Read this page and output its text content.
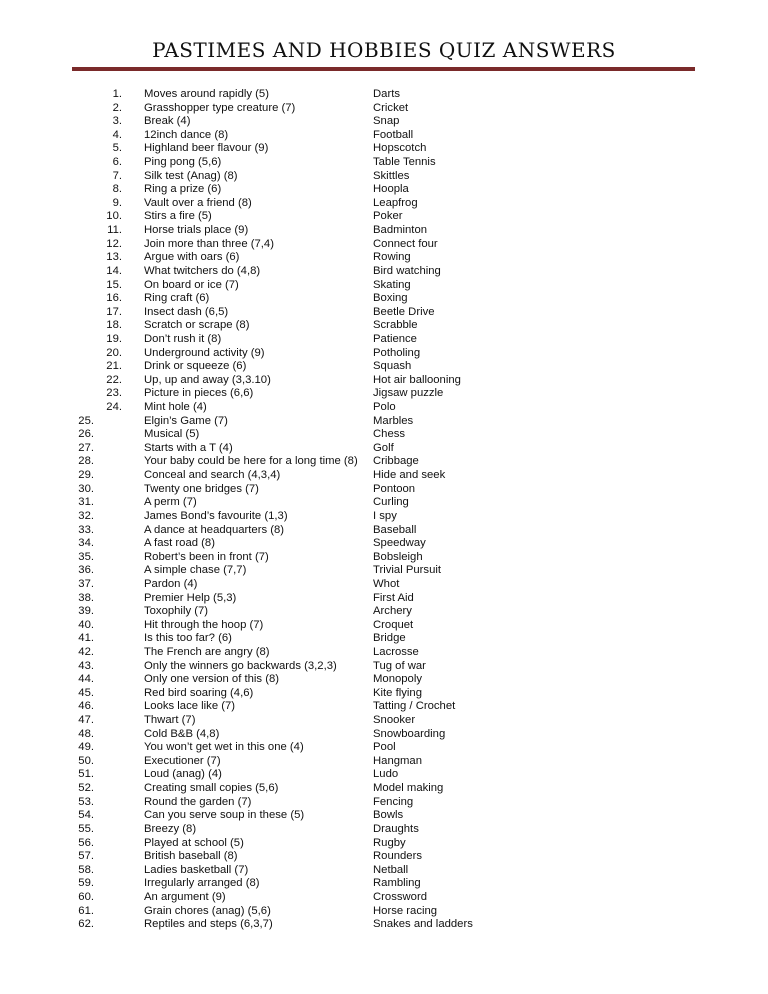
PASTIMES AND HOBBIES QUIZ ANSWERS
1. Moves around rapidly (5)	Darts
2. Grasshopper type creature (7)	Cricket
3. Break (4)	Snap
4. 12inch dance (8)	Football
5. Highland beer flavour (9)	Hopscotch
6. Ping pong (5,6)	Table Tennis
7. Silk test (Anag) (8)	Skittles
8. Ring a prize (6)	Hoopla
9. Vault over a friend (8)	Leapfrog
10. Stirs a fire (5)	Poker
11. Horse trials place (9)	Badminton
12. Join more than three (7,4)	Connect four
13. Argue with oars (6)	Rowing
14. What twitchers do (4,8)	Bird watching
15. On board or ice (7)	Skating
16. Ring craft (6)	Boxing
17. Insect dash (6,5)	Beetle Drive
18. Scratch or scrape (8)	Scrabble
19. Don’t rush it (8)	Patience
20. Underground activity (9)	Potholing
21. Drink or squeeze (6)	Squash
22. Up, up and away (3,3.10)	Hot air ballooning
23. Picture in pieces (6,6)	Jigsaw puzzle
24. Mint hole (4)	Polo
25.	Elgin’s Game (7)	Marbles
26.	Musical (5)	Chess
27.	Starts with a T (4)	Golf
28.	Your baby could be here for a long time (8) Cribbage
29.	Conceal and search (4,3,4)	Hide and seek
30.	Twenty one bridges (7)	Pontoon
31.	A perm (7)	Curling
32.	James Bond’s favourite (1,3)	I spy
33.	A dance at headquarters (8)	Baseball
34.	A fast road (8)	Speedway
35.	Robert’s been in front (7)	Bobsleigh
36.	A simple chase (7,7)	Trivial Pursuit
37.	Pardon (4)	Whot
38.	Premier Help (5,3)	First Aid
39.	Toxophily (7)	Archery
40.	Hit through the hoop (7)	Croquet
41.	Is this too far? (6)	Bridge
42.	The French are angry (8)	Lacrosse
43.	Only the winners go backwards (3,2,3)	Tug of war
44.	Only one version of this (8)	Monopoly
45.	Red bird soaring (4,6)	Kite flying
46.	Looks lace like (7)	Tatting / Crochet
47.	Thwart (7)	Snooker
48.	Cold B&B (4,8)	Snowboarding
49.	You won’t get wet in this one (4)	Pool
50.	Executioner (7)	Hangman
51.	Loud (anag) (4)	Ludo
52.	Creating small copies (5,6)	Model making
53.	Round the garden (7)	Fencing
54.	Can you serve soup in these (5)	Bowls
55.	Breezy (8)	Draughts
56.	Played at school (5)	Rugby
57.	British baseball (8)	Rounders
58.	Ladies basketball (7)	Netball
59.	Irregularly arranged (8)	Rambling
60.	An argument (9)	Crossword
61.	Grain chores (anag) (5,6)	Horse racing
62.	Reptiles and steps (6,3,7)	Snakes and ladders
